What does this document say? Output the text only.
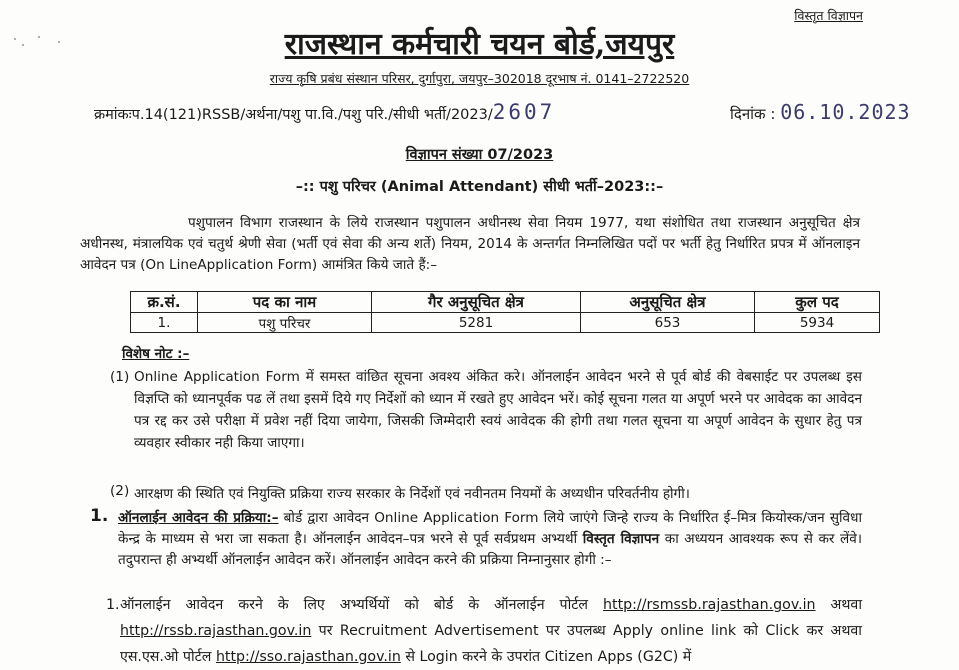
विस्तृत विज्ञापन
राजस्थान कर्मचारी चयन बोर्ड,जयपुर
राज्य कृषि प्रबंध संस्थान परिसर, दुर्गापुरा, जयपुर–302018 दूरभाष नं. 0141–2722520
क्रमांकःप.14(121)RSSB/अर्थना/पशु पा.वि./पशु परि./सीधी भर्ती/2023/2607	दिनांक : 06.10.2023
विज्ञापन संख्या 07/2023
–:: पशु परिचर (Animal Attendant) सीधी भर्ती–2023::–
पशुपालन विभाग राजस्थान के लिये राजस्थान पशुपालन अधीनस्थ सेवा नियम 1977, यथा संशोधित तथा राजस्थान अनुसूचित क्षेत्र अधीनस्थ, मंत्रालयिक एवं चतुर्थ श्रेणी सेवा (भर्ती एवं सेवा की अन्य शर्ते) नियम, 2014 के अन्तर्गत निम्नलिखित पदों पर भर्ती हेतु निर्धारित प्रपत्र में ऑनलाइन आवेदन पत्र (On LineApplication Form) आमंत्रित किये जाते हैं:–
क्र.सं.	पद का नाम	गैर अनुसूचित क्षेत्र	अनुसूचित क्षेत्र	कुल पद
1.	पशु परिचर	5281	653	5934
विशेष नोट :–
(1) Online Application Form में समस्त वांछित सूचना अवश्य अंकित करे। ऑनलाईन आवेदन भरने से पूर्व बोर्ड की वेबसाईट पर उपलब्ध इस विज्ञप्ति को ध्यानपूर्वक पढ लें तथा इसमें दिये गए निर्देशों को ध्यान में रखते हुए आवेदन भरें। कोई सूचना गलत या अपूर्ण भरने पर आवेदक का आवेदन पत्र रद्द कर उसे परीक्षा में प्रवेश नहीं दिया जायेगा, जिसकी जिम्मेदारी स्वयं आवेदक की होगी तथा गलत सूचना या अपूर्ण आवेदन के सुधार हेतु पत्र व्यवहार स्वीकार नही किया जाएगा।
(2) आरक्षण की स्थिति एवं नियुक्ति प्रक्रिया राज्य सरकार के निर्देशों एवं नवीनतम नियमों के अध्यधीन परिवर्तनीय होगी।
1. ऑनलाईन आवेदन की प्रक्रिया:– बोर्ड द्वारा आवेदन Online Application Form लिये जाएंगे जिन्हे राज्य के निर्धारित ई–मित्र कियोस्क/जन सुविधा केन्द्र के माध्यम से भरा जा सकता है। ऑनलाईन आवेदन–पत्र भरने से पूर्व सर्वप्रथम अभ्यर्थी विस्तृत विज्ञापन का अध्ययन आवश्यक रूप से कर लेंवे। तदुपरान्त ही अभ्यर्थी ऑनलाईन आवेदन करें। ऑनलाईन आवेदन करने की प्रक्रिया निम्नानुसार होगी :–
1. ऑनलाईन आवेदन करने के लिए अभ्यर्थियों को बोर्ड के ऑनलाईन पोर्टल http://rsmssb.rajasthan.gov.in अथवा http://rssb.rajasthan.gov.in पर Recruitment Advertisement पर उपलब्ध Apply online link को Click कर अथवा एस.एस.ओ पोर्टल http://sso.rajasthan.gov.in से Login करने के उपरांत Citizen Apps (G2C) में
